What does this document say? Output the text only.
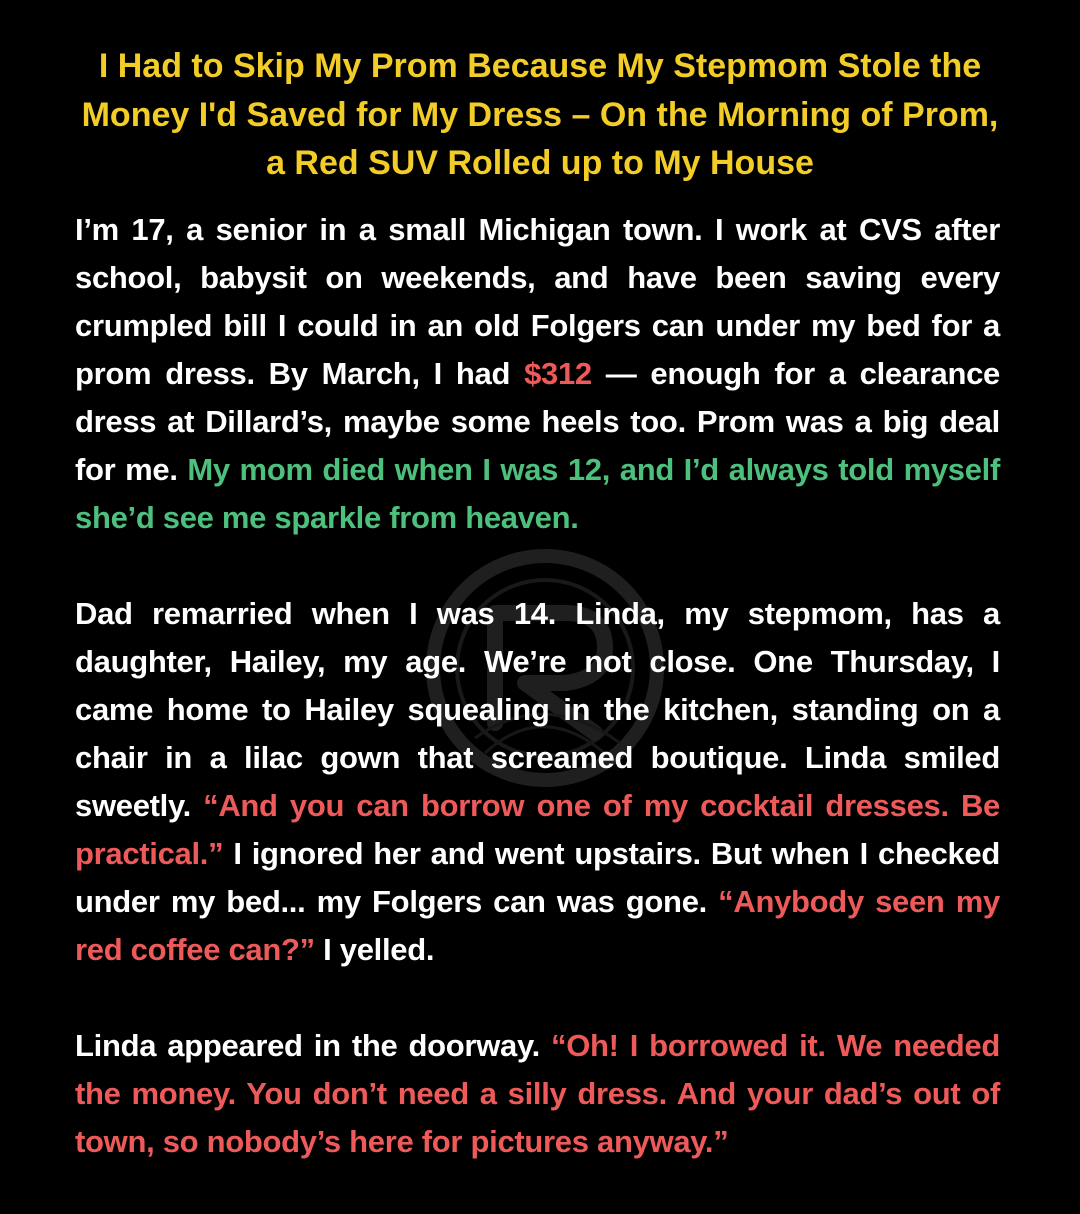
I Had to Skip My Prom Because My Stepmom Stole the Money I'd Saved for My Dress – On the Morning of Prom, a Red SUV Rolled up to My House

I’m 17, a senior in a small Michigan town. I work at CVS after school, babysit on weekends, and have been saving every crumpled bill I could in an old Folgers can under my bed for a prom dress. By March, I had $312 — enough for a clearance dress at Dillard’s, maybe some heels too. Prom was a big deal for me. My mom died when I was 12, and I’d always told myself she’d see me sparkle from heaven.

Dad remarried when I was 14. Linda, my stepmom, has a daughter, Hailey, my age. We’re not close. One Thursday, I came home to Hailey squealing in the kitchen, standing on a chair in a lilac gown that screamed boutique. Linda smiled sweetly. “And you can borrow one of my cocktail dresses. Be practical.” I ignored her and went upstairs. But when I checked under my bed... my Folgers can was gone. “Anybody seen my red coffee can?” I yelled.

Linda appeared in the doorway. “Oh! I borrowed it. We needed the money. You don’t need a silly dress. And your dad’s out of town, so nobody’s here for pictures anyway.”
